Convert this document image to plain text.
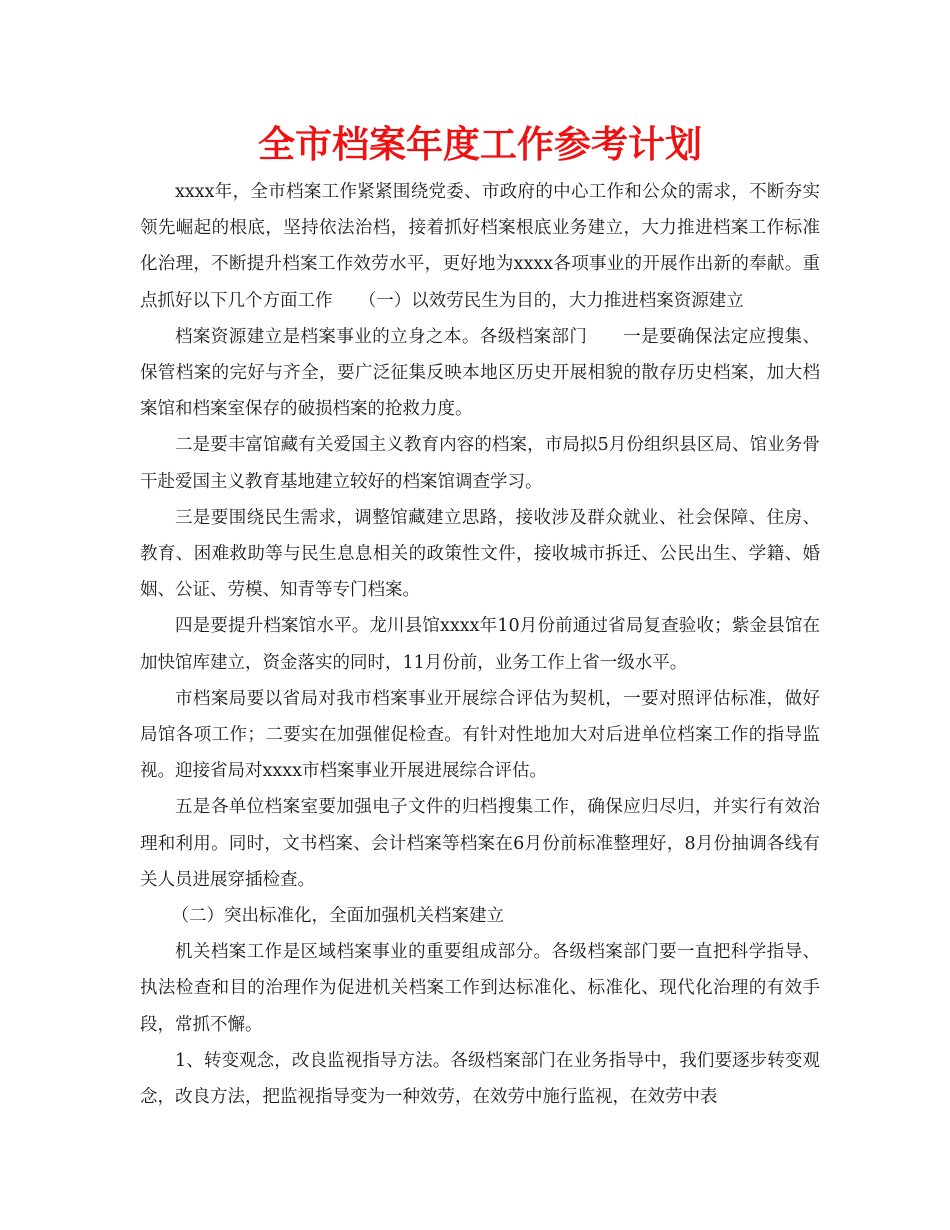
全市档案年度工作参考计划

xxxx年，全市档案工作紧紧围绕党委、市政府的中心工作和公众的需求，不断夯实领先崛起的根底，坚持依法治档，接着抓好档案根底业务建立，大力推进档案工作标准化治理，不断提升档案工作效劳水平，更好地为xxxx各项事业的开展作出新的奉献。重点抓好以下几个方面工作　　（一）以效劳民生为目的，大力推进档案资源建立

档案资源建立是档案事业的立身之本。各级档案部门　　一是要确保法定应搜集、保管档案的完好与齐全，要广泛征集反映本地区历史开展相貌的散存历史档案，加大档案馆和档案室保存的破损档案的抢救力度。

二是要丰富馆藏有关爱国主义教育内容的档案，市局拟5月份组织县区局、馆业务骨干赴爱国主义教育基地建立较好的档案馆调查学习。

三是要围绕民生需求，调整馆藏建立思路，接收涉及群众就业、社会保障、住房、教育、困难救助等与民生息息相关的政策性文件，接收城市拆迁、公民出生、学籍、婚姻、公证、劳模、知青等专门档案。

四是要提升档案馆水平。龙川县馆xxxx年10月份前通过省局复查验收；紫金县馆在加快馆库建立，资金落实的同时，11月份前，业务工作上省一级水平。

市档案局要以省局对我市档案事业开展综合评估为契机，一要对照评估标准，做好局馆各项工作；二要实在加强催促检查。有针对性地加大对后进单位档案工作的指导监视。迎接省局对xxxx市档案事业开展进展综合评估。

五是各单位档案室要加强电子文件的归档搜集工作，确保应归尽归，并实行有效治理和利用。同时，文书档案、会计档案等档案在6月份前标准整理好，8月份抽调各线有关人员进展穿插检查。

（二）突出标准化，全面加强机关档案建立

机关档案工作是区域档案事业的重要组成部分。各级档案部门要一直把科学指导、执法检查和目的治理作为促进机关档案工作到达标准化、标准化、现代化治理的有效手段，常抓不懈。

1、转变观念，改良监视指导方法。各级档案部门在业务指导中，我们要逐步转变观念，改良方法，把监视指导变为一种效劳，在效劳中施行监视，在效劳中表
